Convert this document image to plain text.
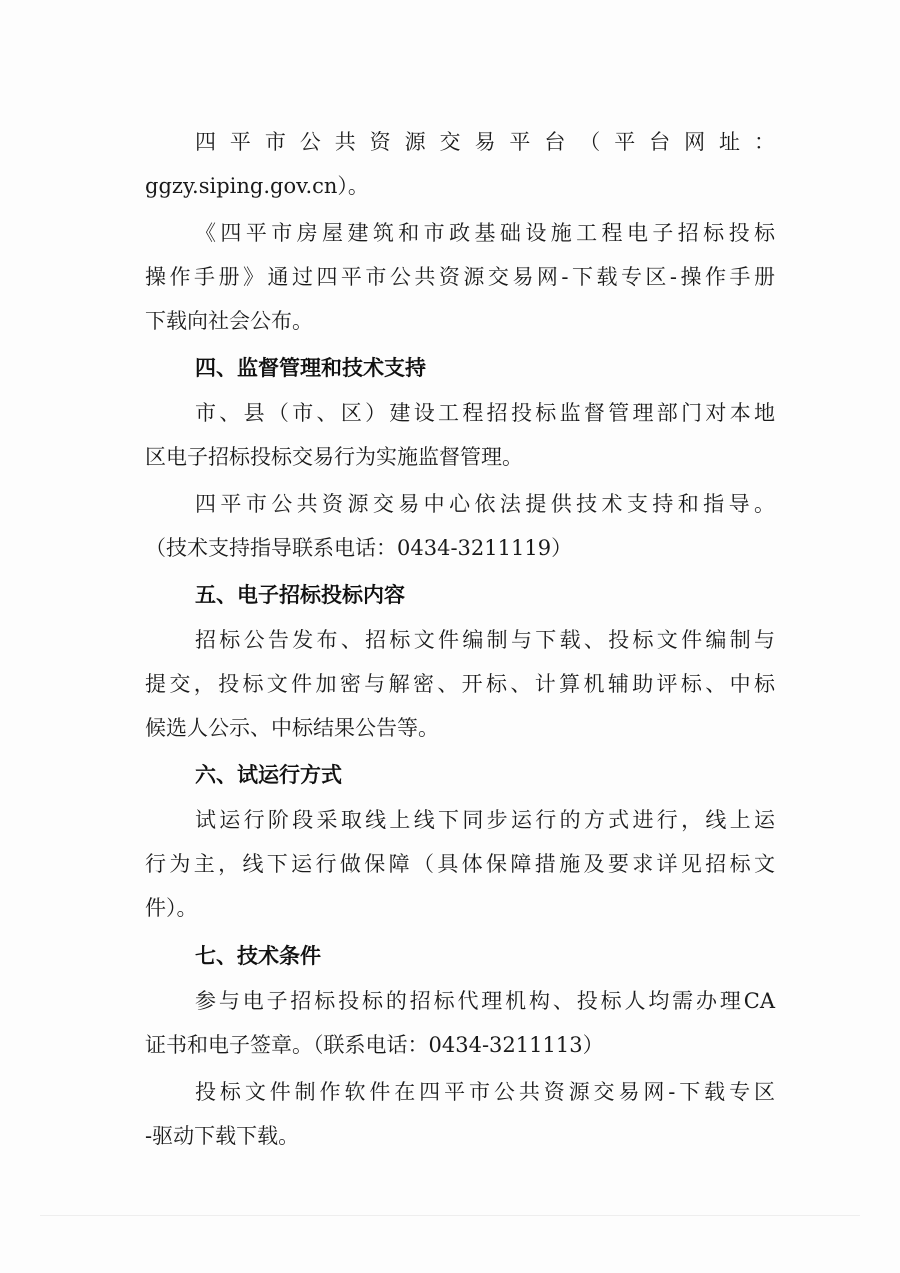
四平市公共资源交易平台（平台网址：
ggzy.siping.gov.cn）。
《四平市房屋建筑和市政基础设施工程电子招标投标
操作手册》通过四平市公共资源交易网-下载专区-操作手册
下载向社会公布。
四、监督管理和技术支持
市、县（市、区）建设工程招投标监督管理部门对本地
区电子招标投标交易行为实施监督管理。
四平市公共资源交易中心依法提供技术支持和指导。
（技术支持指导联系电话：0434-3211119）
五、电子招标投标内容
招标公告发布、招标文件编制与下载、投标文件编制与
提交，投标文件加密与解密、开标、计算机辅助评标、中标
候选人公示、中标结果公告等。
六、试运行方式
试运行阶段采取线上线下同步运行的方式进行，线上运
行为主，线下运行做保障（具体保障措施及要求详见招标文
件）。
七、技术条件
参与电子招标投标的招标代理机构、投标人均需办理CA
证书和电子签章。（联系电话：0434-3211113）
投标文件制作软件在四平市公共资源交易网-下载专区
-驱动下载下载。
